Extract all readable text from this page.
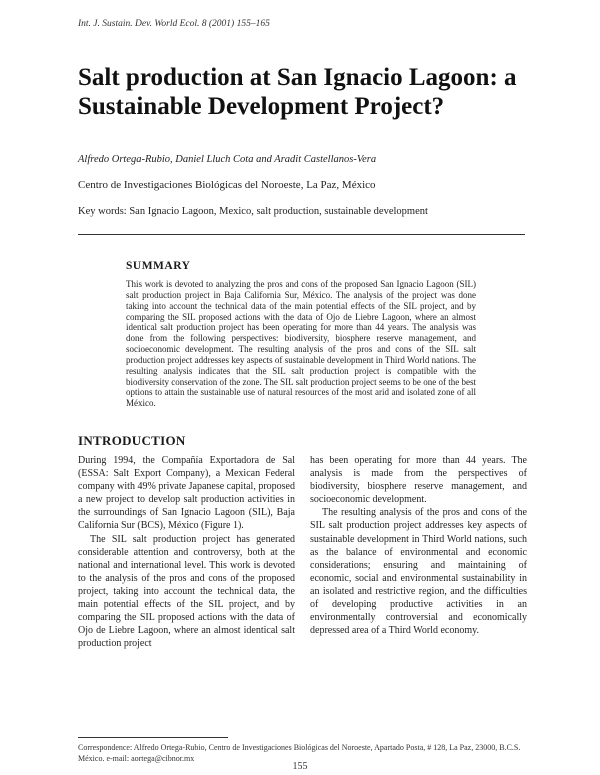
Int. J. Sustain. Dev. World Ecol. 8 (2001) 155–165
Salt production at San Ignacio Lagoon: a Sustainable Development Project?
Alfredo Ortega-Rubio, Daniel Lluch Cota and Aradit Castellanos-Vera
Centro de Investigaciones Biológicas del Noroeste, La Paz, México
Key words: San Ignacio Lagoon, Mexico, salt production, sustainable development
SUMMARY
This work is devoted to analyzing the pros and cons of the proposed San Ignacio Lagoon (SIL) salt production project in Baja California Sur, México. The analysis of the project was done taking into account the technical data of the main potential effects of the SIL project, and by comparing the SIL proposed actions with the data of Ojo de Liebre Lagoon, where an almost identical salt production project has been operating for more than 44 years. The analysis was done from the following perspectives: biodiversity, biosphere reserve management, and socioeconomic development. The resulting analysis of the pros and cons of the SIL salt production project addresses key aspects of sustainable development in Third World nations. The resulting analysis indicates that the SIL salt production project is compatible with the biodiversity conservation of the zone. The SIL salt production project seems to be one of the best options to attain the sustainable use of natural resources of the most arid and isolated zone of all México.
INTRODUCTION

During 1994, the Compañía Exportadora de Sal (ESSA: Salt Export Company), a Mexican Federal company with 49% private Japanese capital, proposed a new project to develop salt production activities in the surroundings of San Ignacio Lagoon (SIL), Baja California Sur (BCS), México (Figure 1).

The SIL salt production project has generated considerable attention and controversy, both at the national and international level. This work is devoted to the analysis of the pros and cons of the proposed project, taking into account the technical data, the main potential effects of the SIL project, and by comparing the SIL proposed actions with the data of Ojo de Liebre Lagoon, where an almost identical salt production project

has been operating for more than 44 years. The analysis is made from the perspectives of biodiversity, biosphere reserve management, and socioeconomic development.

The resulting analysis of the pros and cons of the SIL salt production project addresses key aspects of sustainable development in Third World nations, such as the balance of environmental and economic considerations; ensuring and maintaining of economic, social and environmental sustainability in an isolated and restrictive region, and the difficulties of developing productive activities in an environmentally controversial and economically depressed area of a Third World economy.

Correspondence: Alfredo Ortega-Rubio, Centro de Investigaciones Biológicas del Noroeste, Apartado Posta, # 128, La Paz, 23000, B.C.S. México. e-mail: aortega@cibnor.mx
155
